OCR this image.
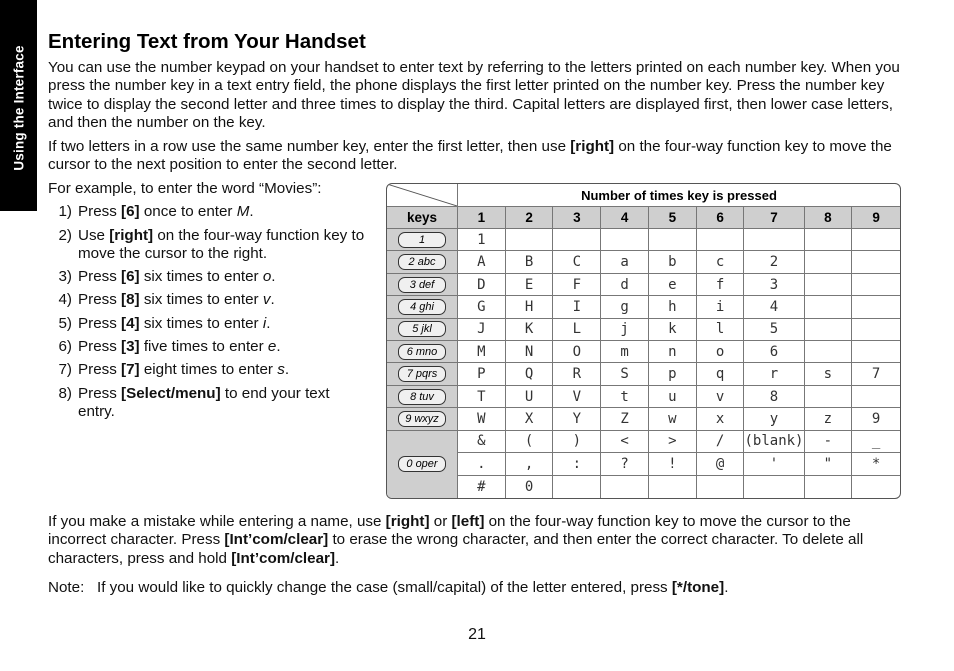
Using the Interface
Entering Text from Your Handset

You can use the number keypad on your handset to enter text by referring to the letters printed on each number key. When you press the number key in a text entry field, the phone displays the first letter printed on the number key. Press the number key twice to display the second letter and three times to display the third. Capital letters are displayed first, then lower case letters, and then the number on the key.

If two letters in a row use the same number key, enter the first letter, then use [right] on the four-way function key to move the cursor to the next position to enter the second letter.

For example, to enter the word “Movies”:

1) Press [6] once to enter M.
2) Use [right] on the four-way function key to move the cursor to the right.
3) Press [6] six times to enter o.
4) Press [8] six times to enter v.
5) Press [4] six times to enter i.
6) Press [3] five times to enter e.
7) Press [7] eight times to enter s.
8) Press [Select/menu] to end your text entry.
Number of times key is pressed
keys	1	2	3	4	5	6	7	8	9
1	1
2 abc	A	B	C	a	b	c	2
3 def	D	E	F	d	e	f	3
4 ghi	G	H	I	g	h	i	4
5 jkl	J	K	L	j	k	l	5
6 mno	M	N	O	m	n	o	6
7 pqrs	P	Q	R	S	p	q	r	s	7
8 tuv	T	U	V	t	u	v	8
9 wxyz	W	X	Y	Z	w	x	y	z	9
0 oper
&	(	)	<	>	/	(blank)	-	_
.	,	:	?	!	@	'	"	*
#	0

If you make a mistake while entering a name, use [right] or [left] on the four-way function key to move the cursor to the incorrect character. Press [Int’com/clear] to erase the wrong character, and then enter the correct character. To delete all characters, press and hold [Int’com/clear].

Note: If you would like to quickly change the case (small/capital) of the letter entered, press [*/tone].

21
